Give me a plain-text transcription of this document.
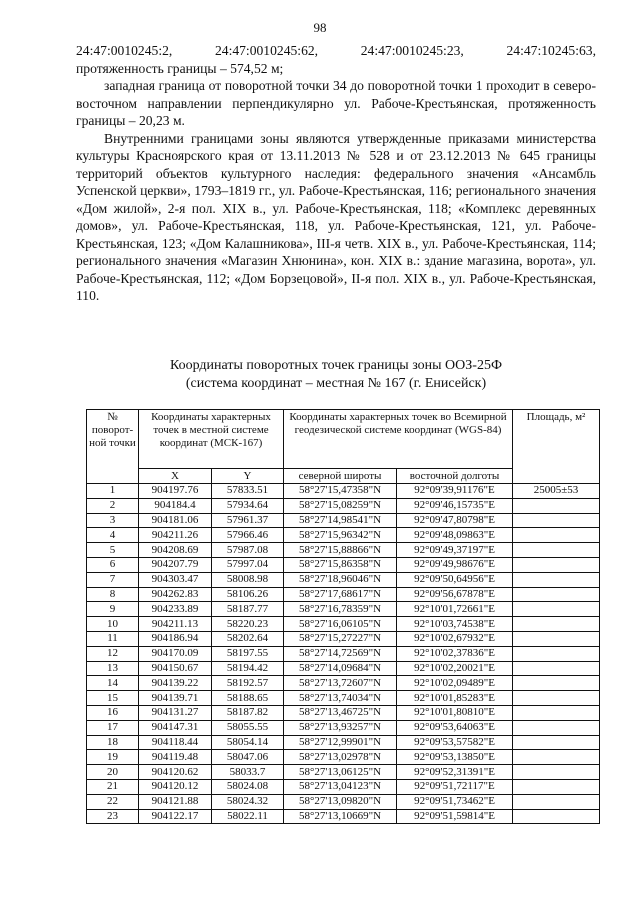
98
24:47:0010245:2,	24:47:0010245:62,	24:47:0010245:23,	24:47:10245:63,

протяженность границы – 574,52 м;

западная граница от поворотной точки 34 до поворотной точки 1 проходит в северо-восточном направлении перпендикулярно ул. Рабоче-Крестьянская, протяженность границы – 20,23 м.

Внутренними границами зоны являются утвержденные приказами министерства культуры Красноярского края от 13.11.2013 № 528 и от 23.12.2013 № 645 границы территорий объектов культурного наследия: федерального значения «Ансамбль Успенской церкви», 1793–1819 гг., ул. Рабоче-Крестьянская, 116; регионального значения «Дом жилой», 2-я пол. XIX в., ул. Рабоче-Крестьянская, 118; «Комплекс деревянных домов», ул. Рабоче-Крестьянская, 118, ул. Рабоче-Крестьянская, 121, ул. Рабоче-Крестьянская, 123; «Дом Калашникова», III-я четв. XIX в., ул. Рабоче-Крестьянская, 114; регионального значения «Магазин Хнюнина», кон. XIX в.: здание магазина, ворота», ул. Рабоче-Крестьянская, 112; «Дом Борзецовой», II-я пол. XIX в., ул. Рабоче-Крестьянская, 110.

Координаты поворотных точек границы зоны ООЗ-25Ф
(система координат – местная № 167 (г. Енисейск)
№ поворот-ной точки	Координаты характерных точек в местной системе координат (МСК-167)		Координаты характерных точек во Всемирной геодезической системе координат (WGS-84)		Площадь, м²
	X	Y	северной широты	восточной долготы	
1	904197.76	57833.51	58°27'15,47358"N	92°09'39,91176"E	25005±53
2	904184.4	57934.64	58°27'15,08259"N	92°09'46,15735"E	
3	904181.06	57961.37	58°27'14,98541"N	92°09'47,80798"E	
4	904211.26	57966.46	58°27'15,96342"N	92°09'48,09863"E	
5	904208.69	57987.08	58°27'15,88866"N	92°09'49,37197"E	
6	904207.79	57997.04	58°27'15,86358"N	92°09'49,98676"E	
7	904303.47	58008.98	58°27'18,96046"N	92°09'50,64956"E	
8	904262.83	58106.26	58°27'17,68617"N	92°09'56,67878"E	
9	904233.89	58187.77	58°27'16,78359"N	92°10'01,72661"E	
10	904211.13	58220.23	58°27'16,06105"N	92°10'03,74538"E	
11	904186.94	58202.64	58°27'15,27227"N	92°10'02,67932"E	
12	904170.09	58197.55	58°27'14,72569"N	92°10'02,37836"E	
13	904150.67	58194.42	58°27'14,09684"N	92°10'02,20021"E	
14	904139.22	58192.57	58°27'13,72607"N	92°10'02,09489"E	
15	904139.71	58188.65	58°27'13,74034"N	92°10'01,85283"E	
16	904131.27	58187.82	58°27'13,46725"N	92°10'01,80810"E	
17	904147.31	58055.55	58°27'13,93257"N	92°09'53,64063"E	
18	904118.44	58054.14	58°27'12,99901"N	92°09'53,57582"E	
19	904119.48	58047.06	58°27'13,02978"N	92°09'53,13850"E	
20	904120.62	58033.7	58°27'13,06125"N	92°09'52,31391"E	
21	904120.12	58024.08	58°27'13,04123"N	92°09'51,72117"E	
22	904121.88	58024.32	58°27'13,09820"N	92°09'51,73462"E	
23	904122.17	58022.11	58°27'13,10669"N	92°09'51,59814"E	
